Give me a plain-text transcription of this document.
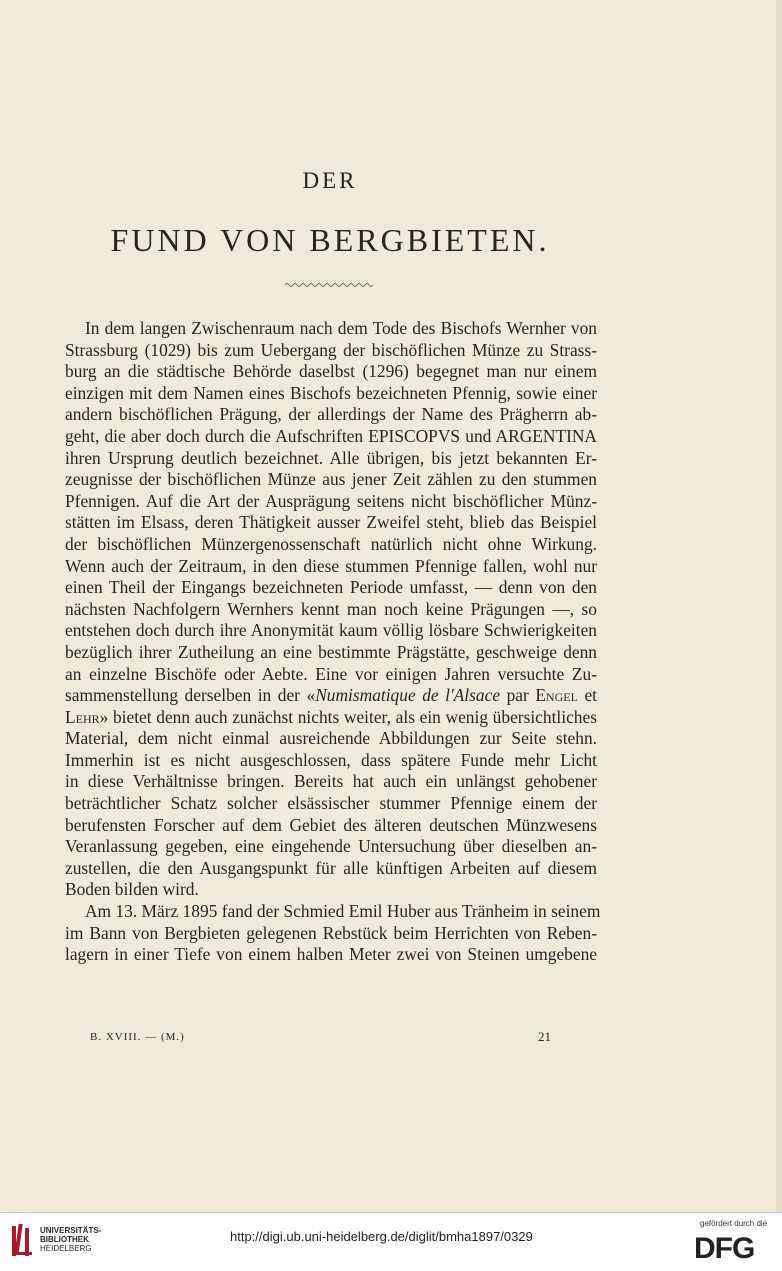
DER
FUND VON BERGBIETEN.
In dem langen Zwischenraum nach dem Tode des Bischofs Wernher von
Strassburg (1029) bis zum Uebergang der bischöflichen Münze zu Strass-
burg an die städtische Behörde daselbst (1296) begegnet man nur einem
einzigen mit dem Namen eines Bischofs bezeichneten Pfennig, sowie einer
andern bischöflichen Prägung, der allerdings der Name des Prägherrn ab-
geht, die aber doch durch die Aufschriften EPISCOPVS und ARGENTINA
ihren Ursprung deutlich bezeichnet. Alle übrigen, bis jetzt bekannten Er-
zeugnisse der bischöflichen Münze aus jener Zeit zählen zu den stummen
Pfennigen. Auf die Art der Ausprägung seitens nicht bischöflicher Münz-
stätten im Elsass, deren Thätigkeit ausser Zweifel steht, blieb das Beispiel
der bischöflichen Münzergenossenschaft natürlich nicht ohne Wirkung.
Wenn auch der Zeitraum, in den diese stummen Pfennige fallen, wohl nur
einen Theil der Eingangs bezeichneten Periode umfasst, — denn von den
nächsten Nachfolgern Wernhers kennt man noch keine Prägungen —, so
entstehen doch durch ihre Anonymität kaum völlig lösbare Schwierigkeiten
bezüglich ihrer Zutheilung an eine bestimmte Prägstätte, geschweige denn
an einzelne Bischöfe oder Aebte. Eine vor einigen Jahren versuchte Zu-
sammenstellung derselben in der «Numismatique de l'Alsace par Engel et
Lehr» bietet denn auch zunächst nichts weiter, als ein wenig übersichtliches
Material, dem nicht einmal ausreichende Abbildungen zur Seite stehn.
Immerhin ist es nicht ausgeschlossen, dass spätere Funde mehr Licht
in diese Verhältnisse bringen. Bereits hat auch ein unlängst gehobener
beträchtlicher Schatz solcher elsässischer stummer Pfennige einem der
berufensten Forscher auf dem Gebiet des älteren deutschen Münzwesens
Veranlassung gegeben, eine eingehende Untersuchung über dieselben an-
zustellen, die den Ausgangspunkt für alle künftigen Arbeiten auf diesem
Boden bilden wird.
Am 13. März 1895 fand der Schmied Emil Huber aus Tränheim in seinem
im Bann von Bergbieten gelegenen Rebstück beim Herrichten von Reben-
lagern in einer Tiefe von einem halben Meter zwei von Steinen umgebene
B. XVIII. — (M.)	21
UNIVERSITÄTS-
BIBLIOTHEK
HEIDELBERG
http://digi.ub.uni-heidelberg.de/diglit/bmha1897/0329
gefördert durch die
DFG
